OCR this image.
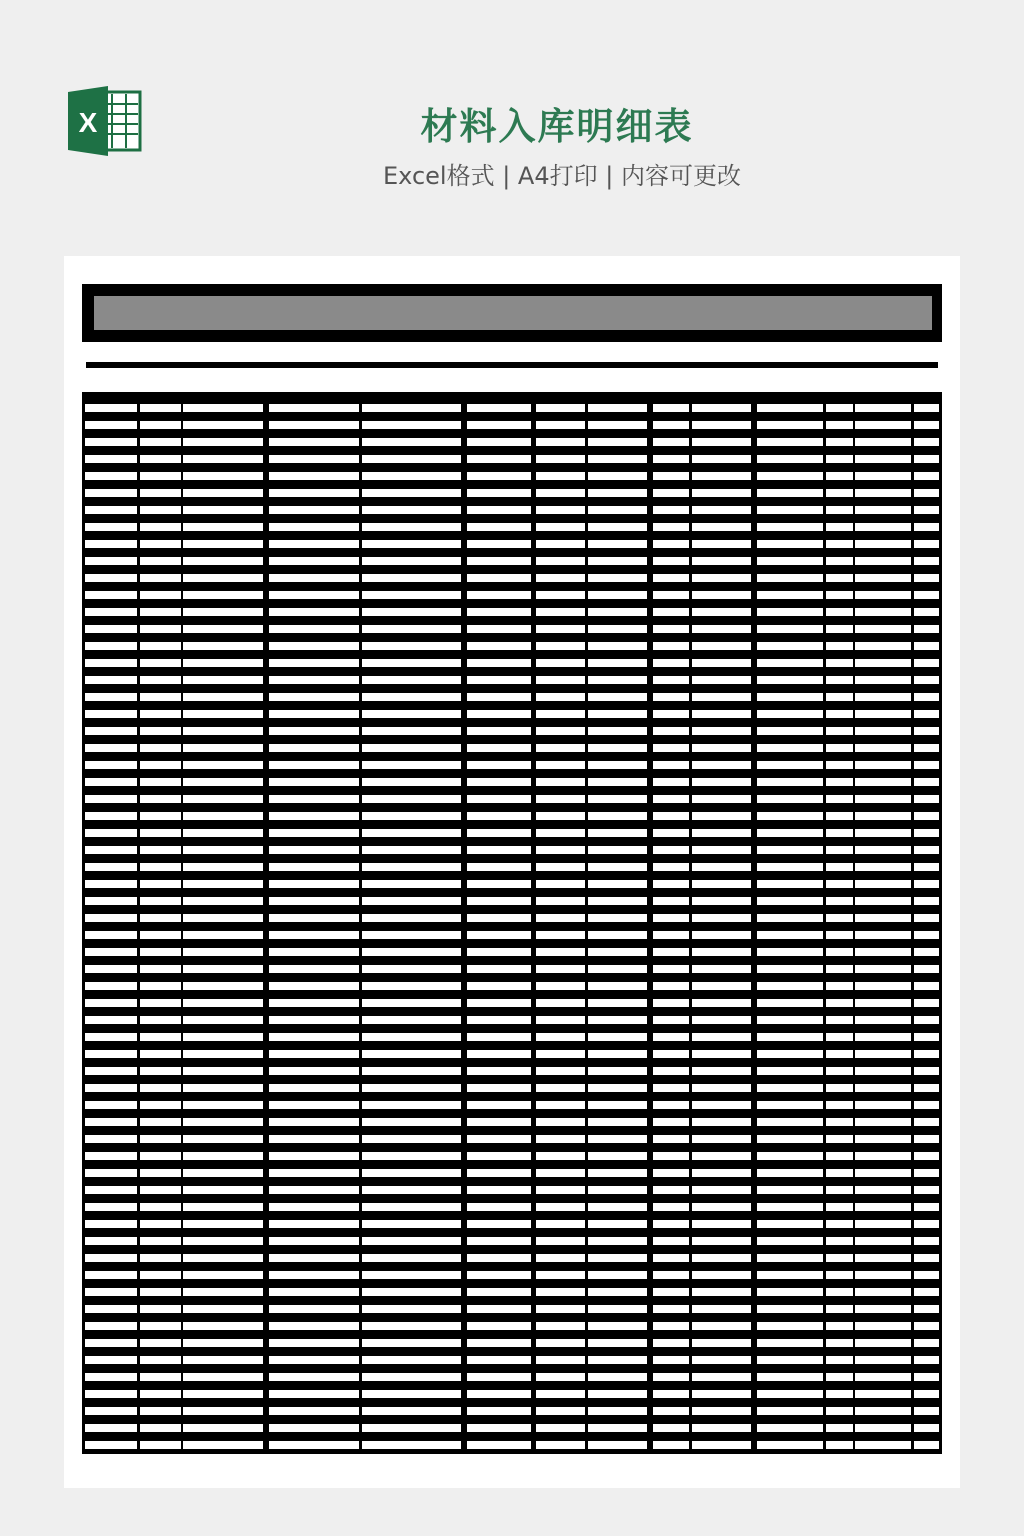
X	材料入库明细表
Excel格式 | A4打印 | 内容可更改
